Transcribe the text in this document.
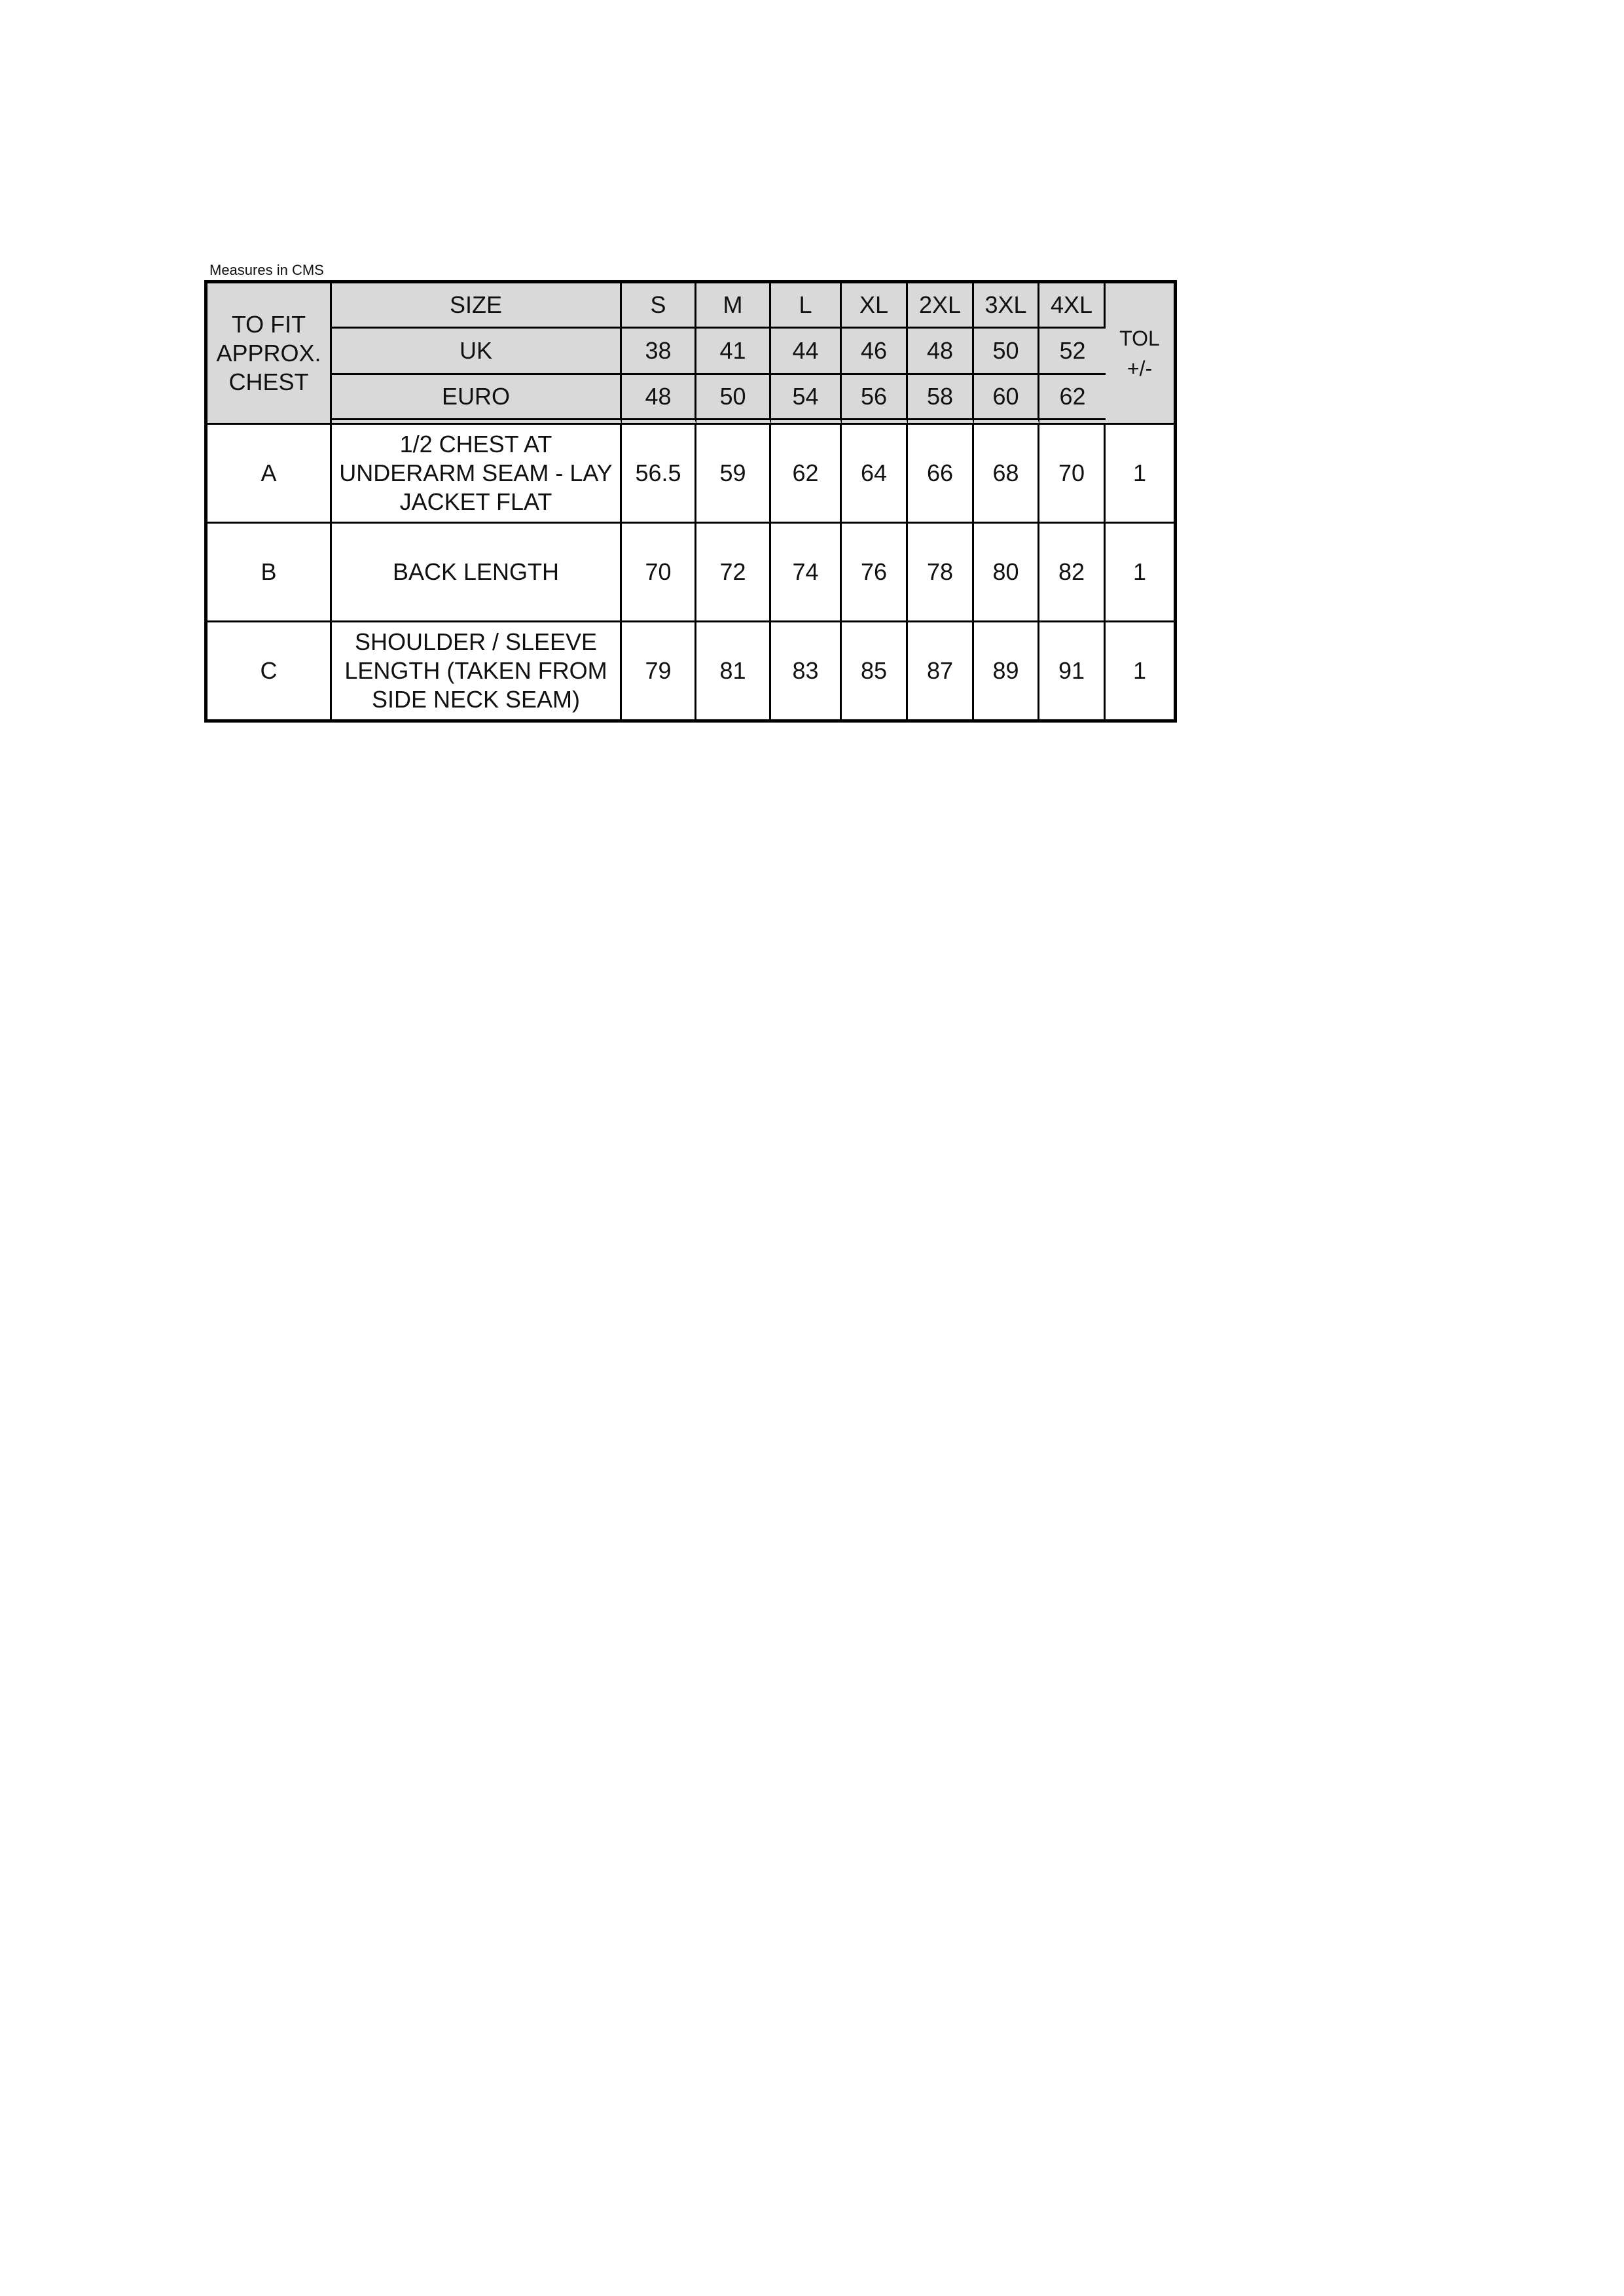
Measures in CMS
TO FIT
APPROX.
CHEST	SIZE	S	M	L	XL	2XL	3XL	4XL	TOL
+/-
	UK	38	41	44	46	48	50	52	
	EURO	48	50	54	56	58	60	62	
A	1/2 CHEST AT
UNDERARM SEAM - LAY
JACKET FLAT	56.5	59	62	64	66	68	70	1
B	BACK LENGTH	70	72	74	76	78	80	82	1
C	SHOULDER / SLEEVE
LENGTH (TAKEN FROM
SIDE NECK SEAM)	79	81	83	85	87	89	91	1
